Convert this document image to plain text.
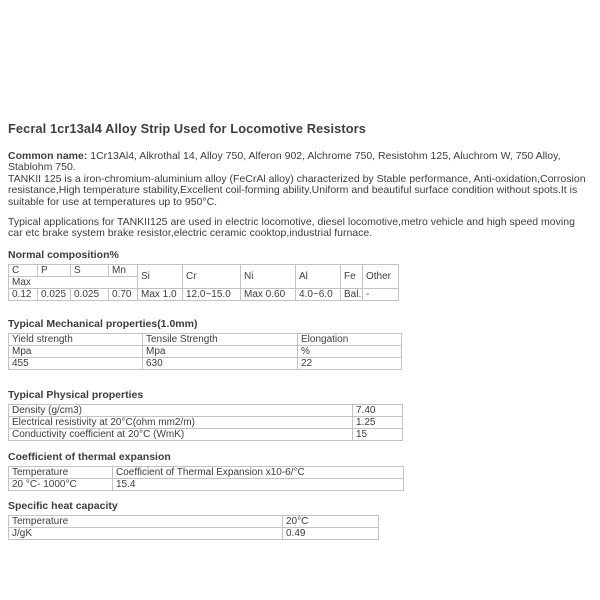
Fecral 1cr13al4 Alloy Strip Used for Locomotive Resistors

Common name: 1Cr13Al4, Alkrothal 14, Alloy 750, Alferon 902, Alchrome 750, Resistohm 125, Aluchrom W, 750 Alloy, Stablohm 750.
TANKII 125 is a iron-chromium-aluminium alloy (FeCrAl alloy) characterized by Stable performance, Anti-oxidation,Corrosion resistance,High temperature stability,Excellent coil-forming ability,Uniform and beautiful surface condition without spots.It is suitable for use at temperatures up to 950°C.

Typical applications for TANKII125 are used in electric locomotive, diesel locomotive,metro vehicle and high speed moving car etc brake system brake resistor,electric ceramic cooktop,industrial furnace.

Normal composition%
C	P	S	Mn	Si	Cr	Ni	Al	Fe	Other
Max									
0.12	0.025	0.025	0.70	Max 1.0	12.0~15.0	Max 0.60	4.0~6.0	Bal.	-
Typical Mechanical properties(1.0mm)
Yield strength	Tensile Strength	Elongation
Mpa	Mpa	%
455	630	22
Typical Physical properties
Density (g/cm3)	7.40
Electrical resistivity at 20°C(ohm mm2/m)	1.25
Conductivity coefficient at 20°C (WmK)	15
Coefficient of thermal expansion
Temperature	Coefficient of Thermal Expansion x10-6/°C
20 °C- 1000°C	15.4
Specific heat capacity
Temperature	20°C
J/gK	0.49
